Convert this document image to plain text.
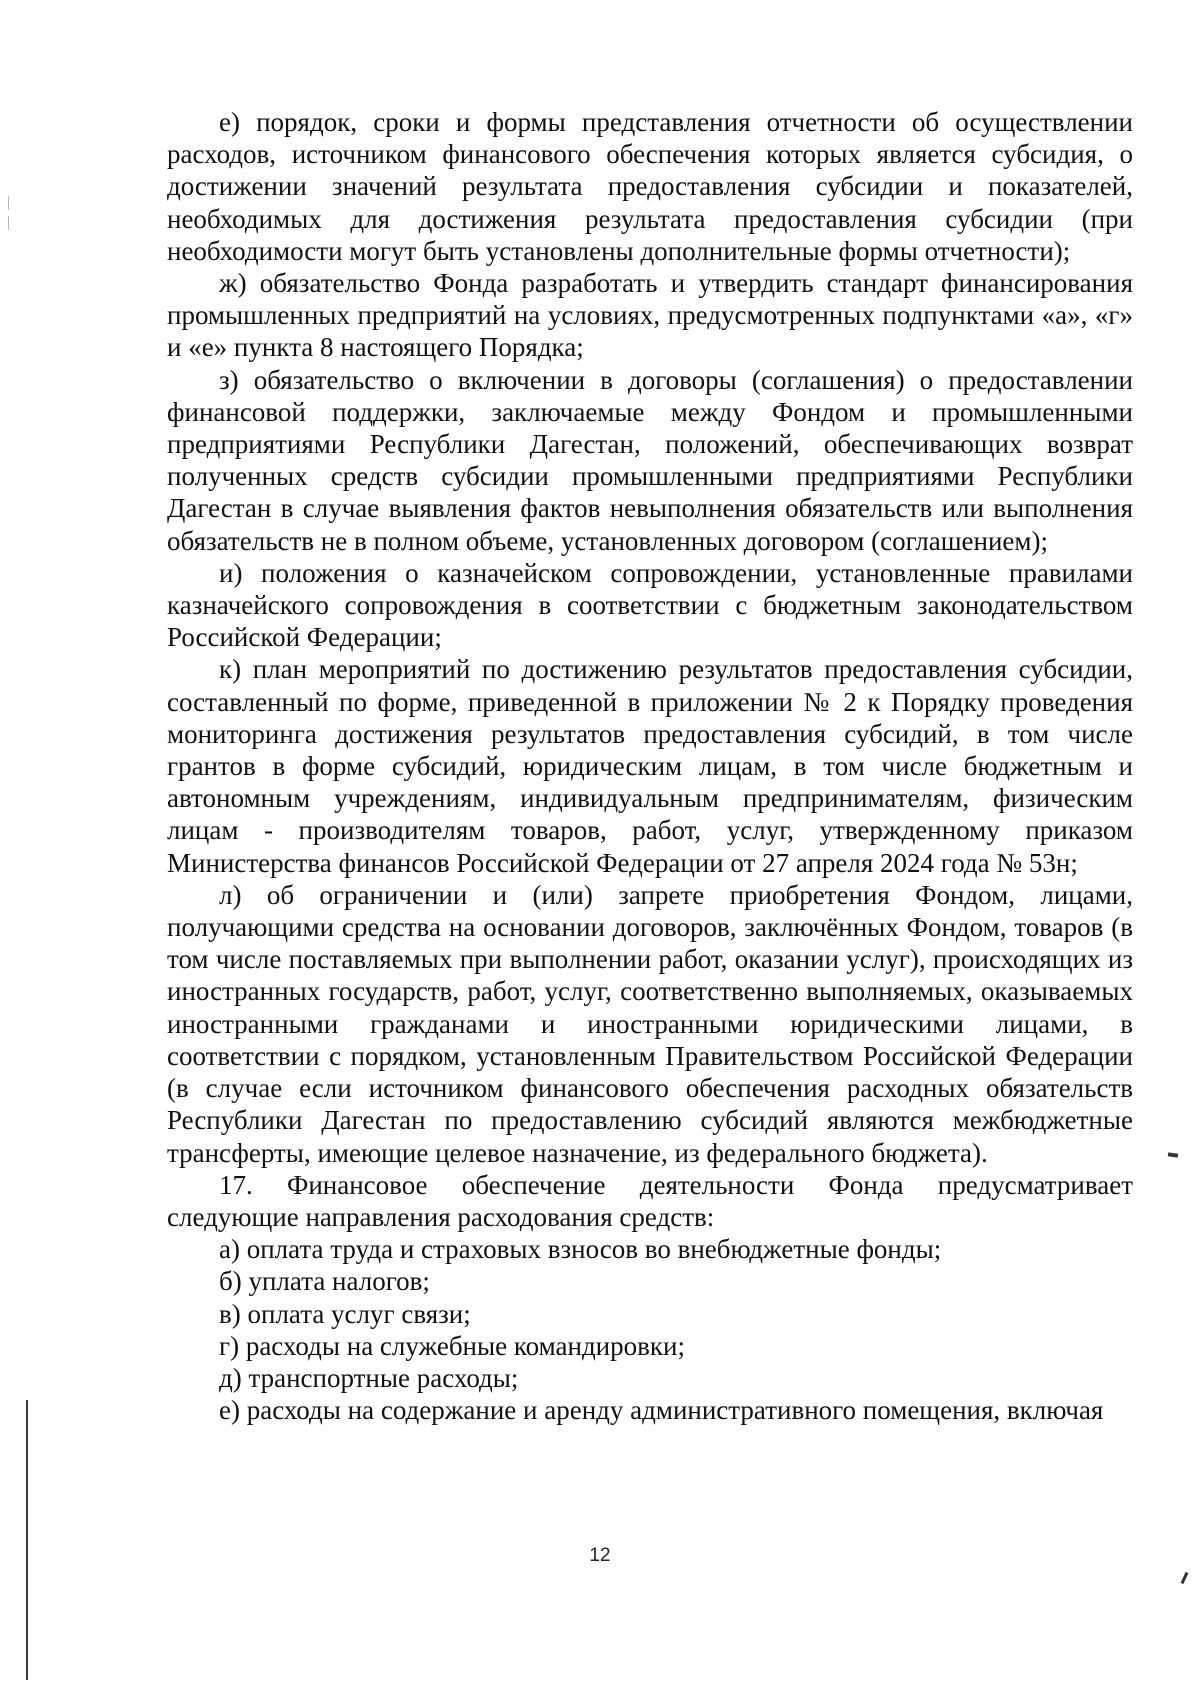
е) порядок, сроки и формы представления отчетности об осуществлении расходов, источником финансового обеспечения которых является субсидия, о достижении значений результата предоставления субсидии и показателей, необходимых для достижения результата предоставления субсидии (при необходимости могут быть установлены дополнительные формы отчетности);

ж) обязательство Фонда разработать и утвердить стандарт финансирования промышленных предприятий на условиях, предусмотренных подпунктами «а», «г» и «е» пункта 8 настоящего Порядка;

з) обязательство о включении в договоры (соглашения) о предоставлении финансовой поддержки, заключаемые между Фондом и промышленными предприятиями Республики Дагестан, положений, обеспечивающих возврат полученных средств субсидии промышленными предприятиями Республики Дагестан в случае выявления фактов невыполнения обязательств или выполнения обязательств не в полном объеме, установленных договором (соглашением);

и) положения о казначейском сопровождении, установленные правилами казначейского сопровождения в соответствии с бюджетным законодательством Российской Федерации;

к) план мероприятий по достижению результатов предоставления субсидии, составленный по форме, приведенной в приложении № 2 к Порядку проведения мониторинга достижения результатов предоставления субсидий, в том числе грантов в форме субсидий, юридическим лицам, в том числе бюджетным и автономным учреждениям, индивидуальным предпринимателям, физическим лицам - производителям товаров, работ, услуг, утвержденному приказом Министерства финансов Российской Федерации от 27 апреля 2024 года № 53н;

л) об ограничении и (или) запрете приобретения Фондом, лицами, получающими средства на основании договоров, заключённых Фондом, товаров (в том числе поставляемых при выполнении работ, оказании услуг), происходящих из иностранных государств, работ, услуг, соответственно выполняемых, оказываемых иностранными гражданами и иностранными юридическими лицами, в соответствии с порядком, установленным Правительством Российской Федерации (в случае если источником финансового обеспечения расходных обязательств Республики Дагестан по предоставлению субсидий являются межбюджетные трансферты, имеющие целевое назначение, из федерального бюджета).

17. Финансовое обеспечение деятельности Фонда предусматривает следующие направления расходования средств:

а) оплата труда и страховых взносов во внебюджетные фонды;

б) уплата налогов;

в) оплата услуг связи;

г) расходы на служебные командировки;

д) транспортные расходы;

е) расходы на содержание и аренду административного помещения, включая

12
